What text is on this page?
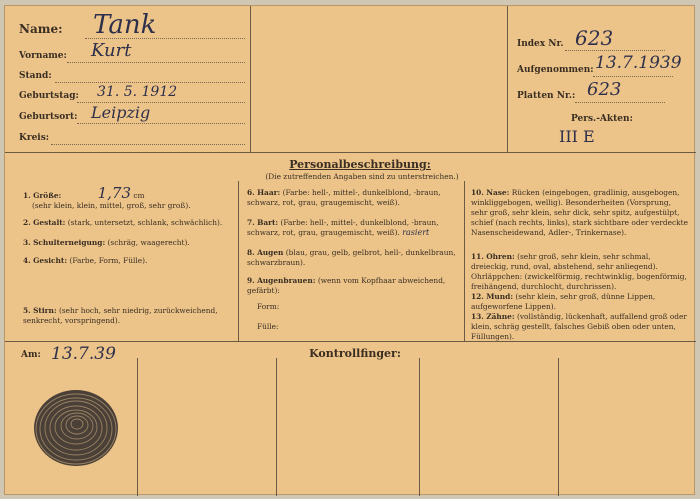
Name: Tank
Vorname: Kurt
Stand:
Geburtstag: 31. 5. 1912
Geburtsort: Leipzig
Kreis:
Index Nr. 623
Aufgenommen: 13.7.1939
Platten Nr.: 623
Pers.-Akten:
III E
Personalbeschreibung:
(Die zutreffenden Angaben sind zu unterstreichen.)
1. Größe: 1,73 cm
(sehr klein, klein, mittel, groß, sehr groß).
2. Gestalt: (stark, untersetzt, schlank, schwächlich).
3. Schulterneigung: (schräg, waagerecht).
4. Gesicht: (Farbe, Form, Fülle).
5. Stirn: (sehr hoch, sehr niedrig, zurückweichend, senkrecht, vorspringend).
6. Haar: (Farbe: hell-, mittel-, dunkelblond, -braun, schwarz, rot, grau, graugemischt, weiß).
7. Bart: (Farbe: hell-, mittel-, dunkelblond, -braun, schwarz, rot, grau, graugemischt, weiß). rasiert
8. Augen (blau, grau, gelb, gelbrot, hell-, dunkelbraun, schwarzbraun).
9. Augenbrauen: (wenn vom Kopfhaar abweichend, gefärbt):
Form:
Fülle:
10. Nase: Rücken (eingebogen, gradlinig, ausgebogen, winkliggebogen, wellig). Besonderheiten (Vorsprung, sehr groß, sehr klein, sehr dick, sehr spitz, aufgestülpt, schief (nach rechts, links), stark sichtbare oder verdeckte Nasenscheidewand, Adler-, Trinkernase).
11. Ohren: (sehr groß, sehr klein, sehr schmal, dreieckig, rund, oval, abstehend, sehr anliegend). Ohrläppchen: (zwickelförmig, rechtwinklig, bogenförmig, freihängend, durchlocht, durchrissen).
12. Mund: (sehr klein, sehr groß, dünne Lippen, aufgeworfene Lippen).
13. Zähne: (vollständig, lückenhaft, auffallend groß oder klein, schräg gestellt, falsches Gebiß oben oder unten, Füllungen).
Am: 13.7.39	Kontrollfinger:
